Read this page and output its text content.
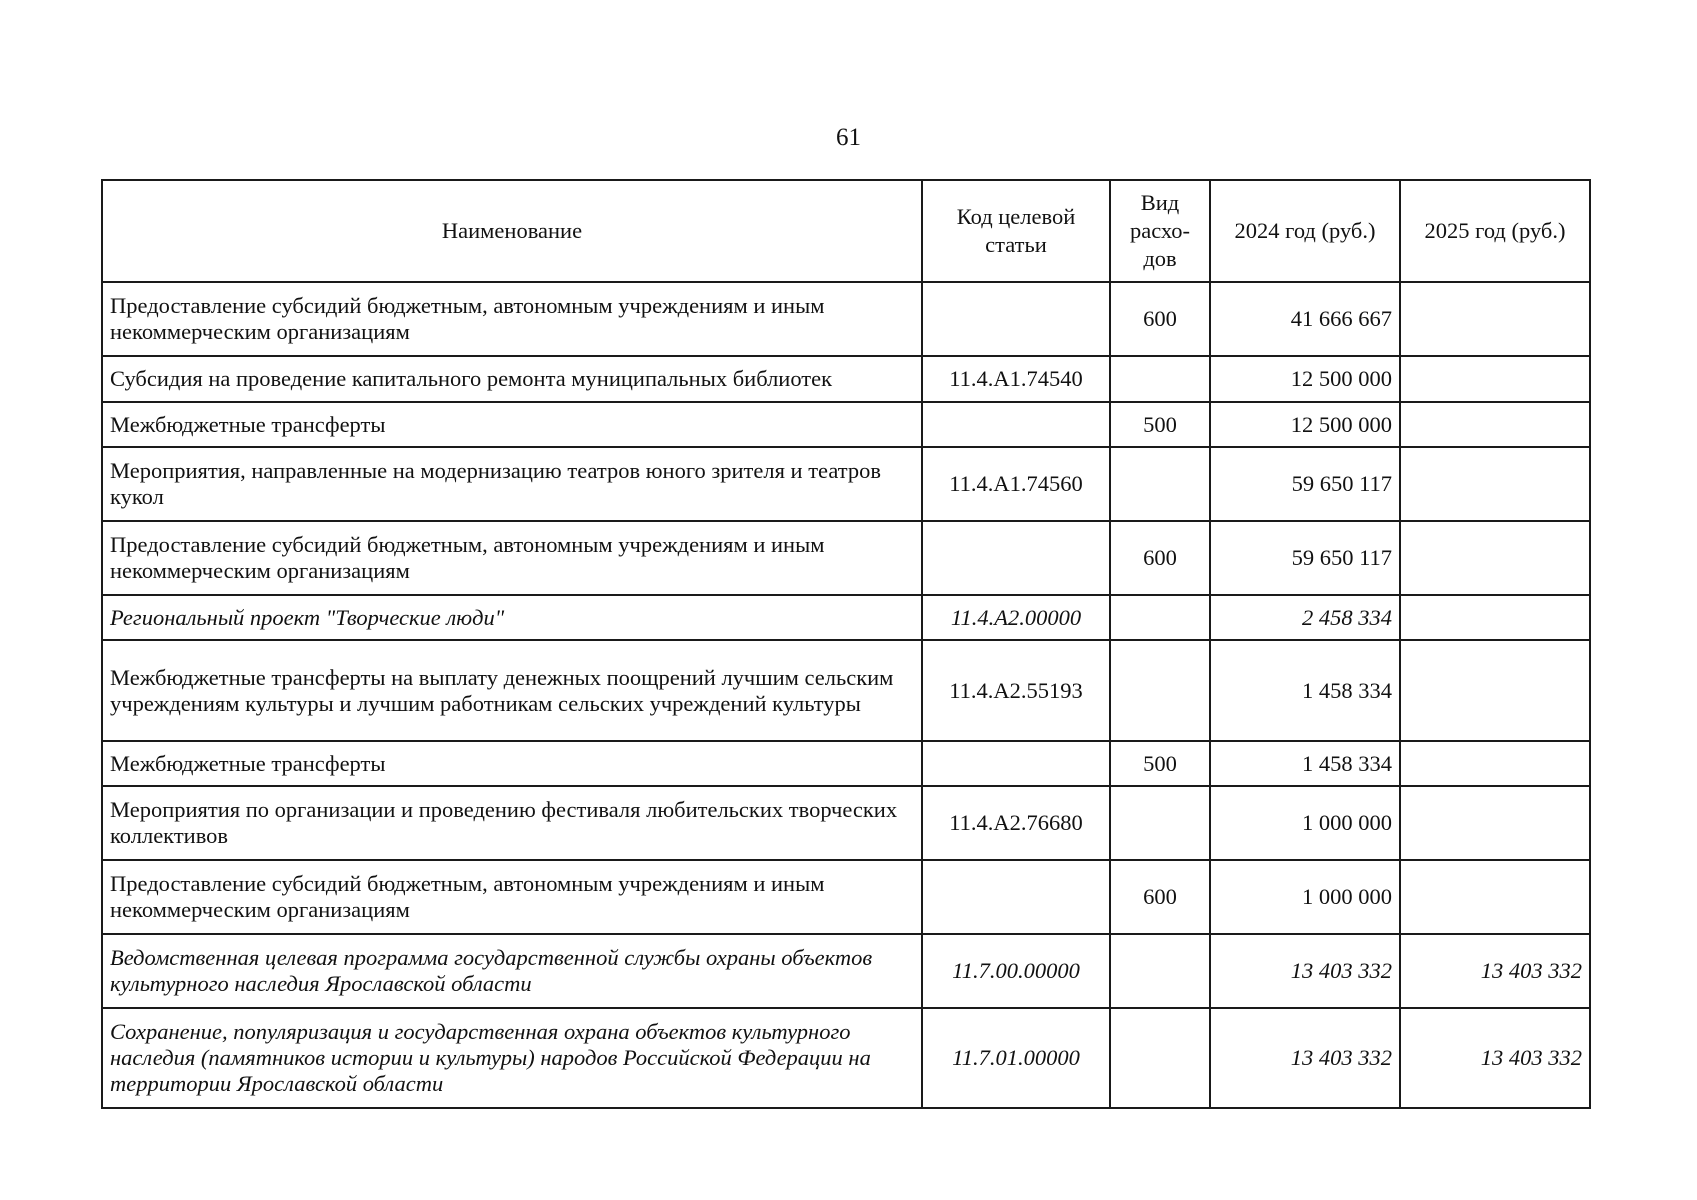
61
Наименование	Код целевой статьи	Вид расхо-дов	2024 год (руб.)	2025 год (руб.)
Предоставление субсидий бюджетным, автономным учреждениям и иным некоммерческим организациям		600	41 666 667	
Субсидия на проведение капитального ремонта муниципальных библиотек	11.4.A1.74540		12 500 000	
Межбюджетные трансферты		500	12 500 000	
Мероприятия, направленные на модернизацию театров юного зрителя и театров кукол	11.4.A1.74560		59 650 117	
Предоставление субсидий бюджетным, автономным учреждениям и иным некоммерческим организациям		600	59 650 117	
Региональный проект "Творческие люди"	11.4.A2.00000		2 458 334	
Межбюджетные трансферты на выплату денежных поощрений лучшим сельским учреждениям культуры и лучшим работникам сельских учреждений культуры	11.4.A2.55193		1 458 334	
Межбюджетные трансферты		500	1 458 334	
Мероприятия по организации и проведению фестиваля любительских творческих коллективов	11.4.A2.76680		1 000 000	
Предоставление субсидий бюджетным, автономным учреждениям и иным некоммерческим организациям		600	1 000 000	
Ведомственная целевая программа государственной службы охраны объектов культурного наследия Ярославской области	11.7.00.00000		13 403 332	13 403 332
Сохранение, популяризация и государственная охрана объектов культурного наследия (памятников истории и культуры) народов Российской Федерации на территории Ярославской области	11.7.01.00000		13 403 332	13 403 332
